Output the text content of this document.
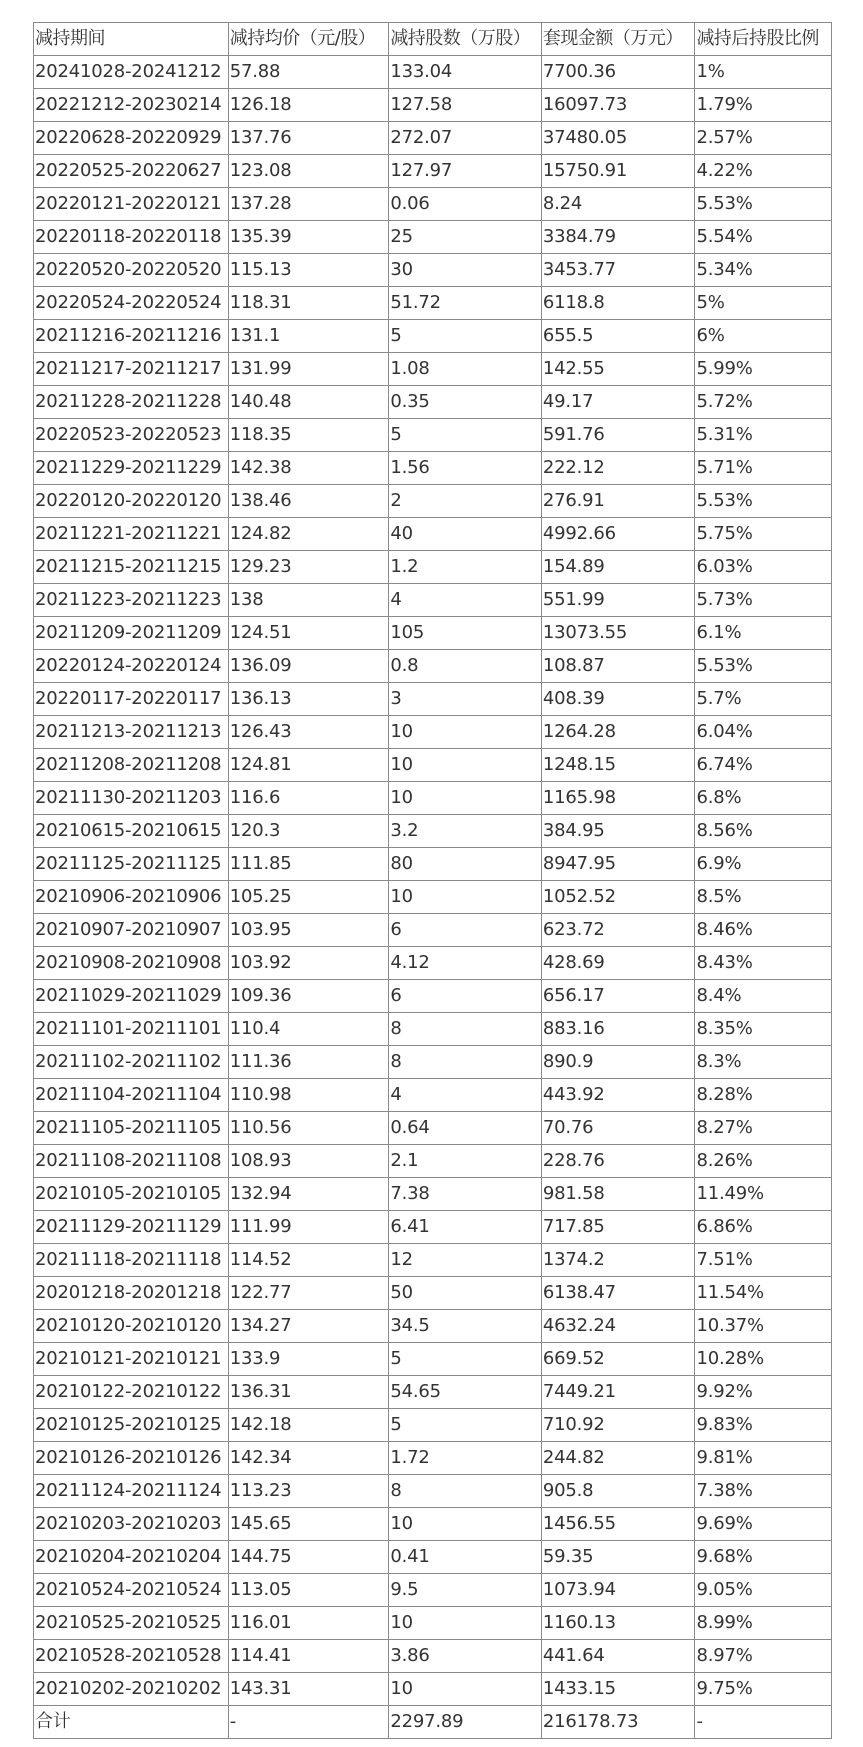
减持期间	减持均价（元/股）	减持股数（万股）	套现金额（万元）	减持后持股比例
20241028-20241212	57.88	133.04	7700.36	1%
20221212-20230214	126.18	127.58	16097.73	1.79%
20220628-20220929	137.76	272.07	37480.05	2.57%
20220525-20220627	123.08	127.97	15750.91	4.22%
20220121-20220121	137.28	0.06	8.24	5.53%
20220118-20220118	135.39	25	3384.79	5.54%
20220520-20220520	115.13	30	3453.77	5.34%
20220524-20220524	118.31	51.72	6118.8	5%
20211216-20211216	131.1	5	655.5	6%
20211217-20211217	131.99	1.08	142.55	5.99%
20211228-20211228	140.48	0.35	49.17	5.72%
20220523-20220523	118.35	5	591.76	5.31%
20211229-20211229	142.38	1.56	222.12	5.71%
20220120-20220120	138.46	2	276.91	5.53%
20211221-20211221	124.82	40	4992.66	5.75%
20211215-20211215	129.23	1.2	154.89	6.03%
20211223-20211223	138	4	551.99	5.73%
20211209-20211209	124.51	105	13073.55	6.1%
20220124-20220124	136.09	0.8	108.87	5.53%
20220117-20220117	136.13	3	408.39	5.7%
20211213-20211213	126.43	10	1264.28	6.04%
20211208-20211208	124.81	10	1248.15	6.74%
20211130-20211203	116.6	10	1165.98	6.8%
20210615-20210615	120.3	3.2	384.95	8.56%
20211125-20211125	111.85	80	8947.95	6.9%
20210906-20210906	105.25	10	1052.52	8.5%
20210907-20210907	103.95	6	623.72	8.46%
20210908-20210908	103.92	4.12	428.69	8.43%
20211029-20211029	109.36	6	656.17	8.4%
20211101-20211101	110.4	8	883.16	8.35%
20211102-20211102	111.36	8	890.9	8.3%
20211104-20211104	110.98	4	443.92	8.28%
20211105-20211105	110.56	0.64	70.76	8.27%
20211108-20211108	108.93	2.1	228.76	8.26%
20210105-20210105	132.94	7.38	981.58	11.49%
20211129-20211129	111.99	6.41	717.85	6.86%
20211118-20211118	114.52	12	1374.2	7.51%
20201218-20201218	122.77	50	6138.47	11.54%
20210120-20210120	134.27	34.5	4632.24	10.37%
20210121-20210121	133.9	5	669.52	10.28%
20210122-20210122	136.31	54.65	7449.21	9.92%
20210125-20210125	142.18	5	710.92	9.83%
20210126-20210126	142.34	1.72	244.82	9.81%
20211124-20211124	113.23	8	905.8	7.38%
20210203-20210203	145.65	10	1456.55	9.69%
20210204-20210204	144.75	0.41	59.35	9.68%
20210524-20210524	113.05	9.5	1073.94	9.05%
20210525-20210525	116.01	10	1160.13	8.99%
20210528-20210528	114.41	3.86	441.64	8.97%
20210202-20210202	143.31	10	1433.15	9.75%
合计	-	2297.89	216178.73	-
